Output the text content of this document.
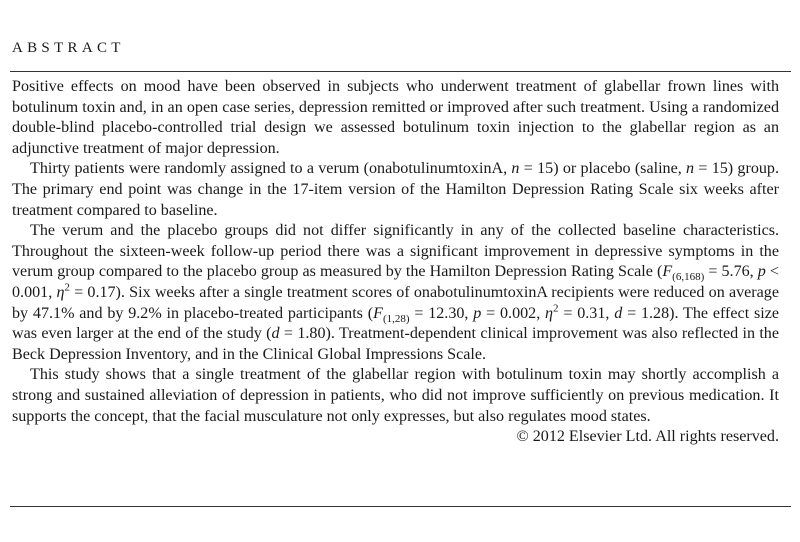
ABSTRACT

Positive effects on mood have been observed in subjects who underwent treatment of glabellar frown lines with botulinum toxin and, in an open case series, depression remitted or improved after such treatment. Using a randomized double-blind placebo-controlled trial design we assessed botulinum toxin injection to the glabellar region as an adjunctive treatment of major depression.

Thirty patients were randomly assigned to a verum (onabotulinumtoxinA, n = 15) or placebo (saline, n = 15) group. The primary end point was change in the 17-item version of the Hamilton Depression Rating Scale six weeks after treatment compared to baseline.

The verum and the placebo groups did not differ significantly in any of the collected baseline characteristics. Throughout the sixteen-week follow-up period there was a significant improvement in depressive symptoms in the verum group compared to the placebo group as measured by the Hamilton Depression Rating Scale ($F_{(6,168)} = 5.76$, p < 0.001, $\eta^2 = 0.17$). Six weeks after a single treatment scores of onabotulinumtoxinA recipients were reduced on average by 47.1% and by 9.2% in placebo-treated participants ($F_{(1,28)} = 12.30$, p = 0.002, $\eta^2 = 0.31$, d = 1.28). The effect size was even larger at the end of the study (d = 1.80). Treatment-dependent clinical improvement was also reflected in the Beck Depression Inventory, and in the Clinical Global Impressions Scale.

This study shows that a single treatment of the glabellar region with botulinum toxin may shortly accomplish a strong and sustained alleviation of depression in patients, who did not improve sufficiently on previous medication. It supports the concept, that the facial musculature not only expresses, but also regulates mood states.

© 2012 Elsevier Ltd. All rights reserved.
